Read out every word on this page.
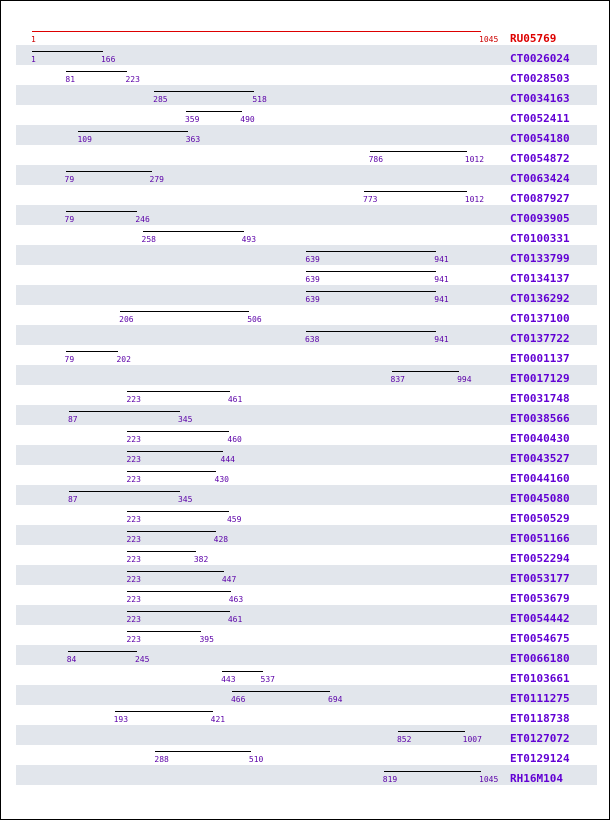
1	1045 RU05769
1	166	CT0026024
81	223	CT0028503
285	518	CT0034163
359	490	CT0052411
109	363	CT0054180
786	1012 CT0054872
79	279	CT0063424
773	1012 CT0087927
79	246	CT0093905
258	493	CT0100331
639	941	CT0133799
639	941	CT0134137
639	941	CT0136292
206	506	CT0137100
638	941	CT0137722
79	202	ET0001137
837	994	ET0017129
223	461	ET0031748
87	345	ET0038566
223	460	ET0040430
223	444	ET0043527
223	430	ET0044160
87	345	ET0045080
223	459	ET0050529
223	428	ET0051166
223	382	ET0052294
223	447	ET0053177
223	463	ET0053679
223	461	ET0054442
223	395	ET0054675
84	245	ET0066180
443	537	ET0103661
466	694	ET0111275
193	421	ET0118738
852	1007	ET0127072
288	510	ET0129124
819	1045 RH16M104
